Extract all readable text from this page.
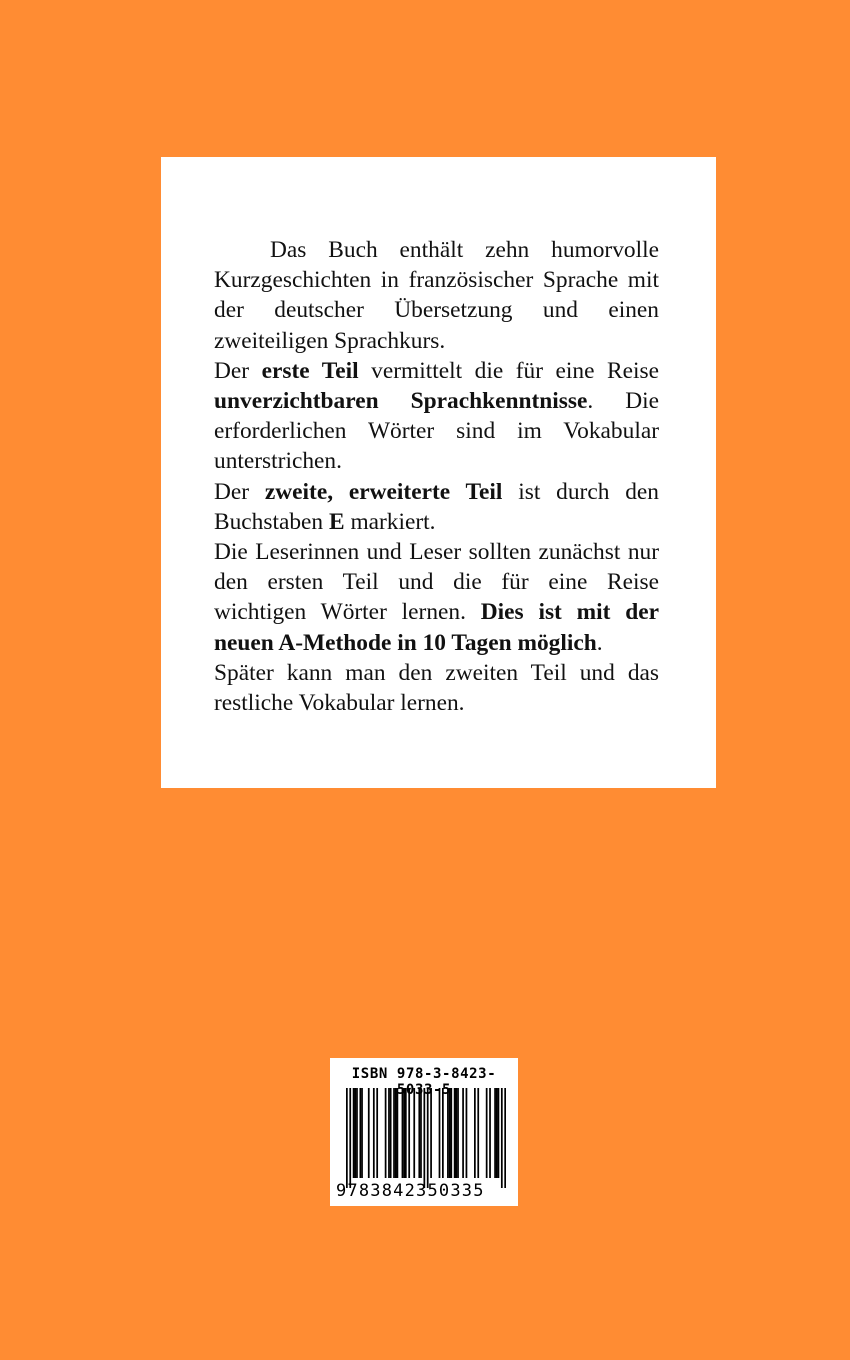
Das Buch enthält zehn humorvolle Kurzgeschichten in französischer Sprache mit der deutscher Übersetzung und einen zweiteiligen Sprachkurs.

Der erste Teil vermittelt die für eine Reise unverzichtbaren Sprachkenntnisse. Die erforderlichen Wörter sind im Vokabular unterstrichen.

Der zweite, erweiterte Teil ist durch den Buchstaben E markiert.

Die Leserinnen und Leser sollten zunächst nur den ersten Teil und die für eine Reise wichtigen Wörter lernen. Dies ist mit der neuen A-Methode in 10 Tagen möglich.

Später kann man den zweiten Teil und das restliche Vokabular lernen.

ISBN 978-3-8423-50 3-5
9783842350335
